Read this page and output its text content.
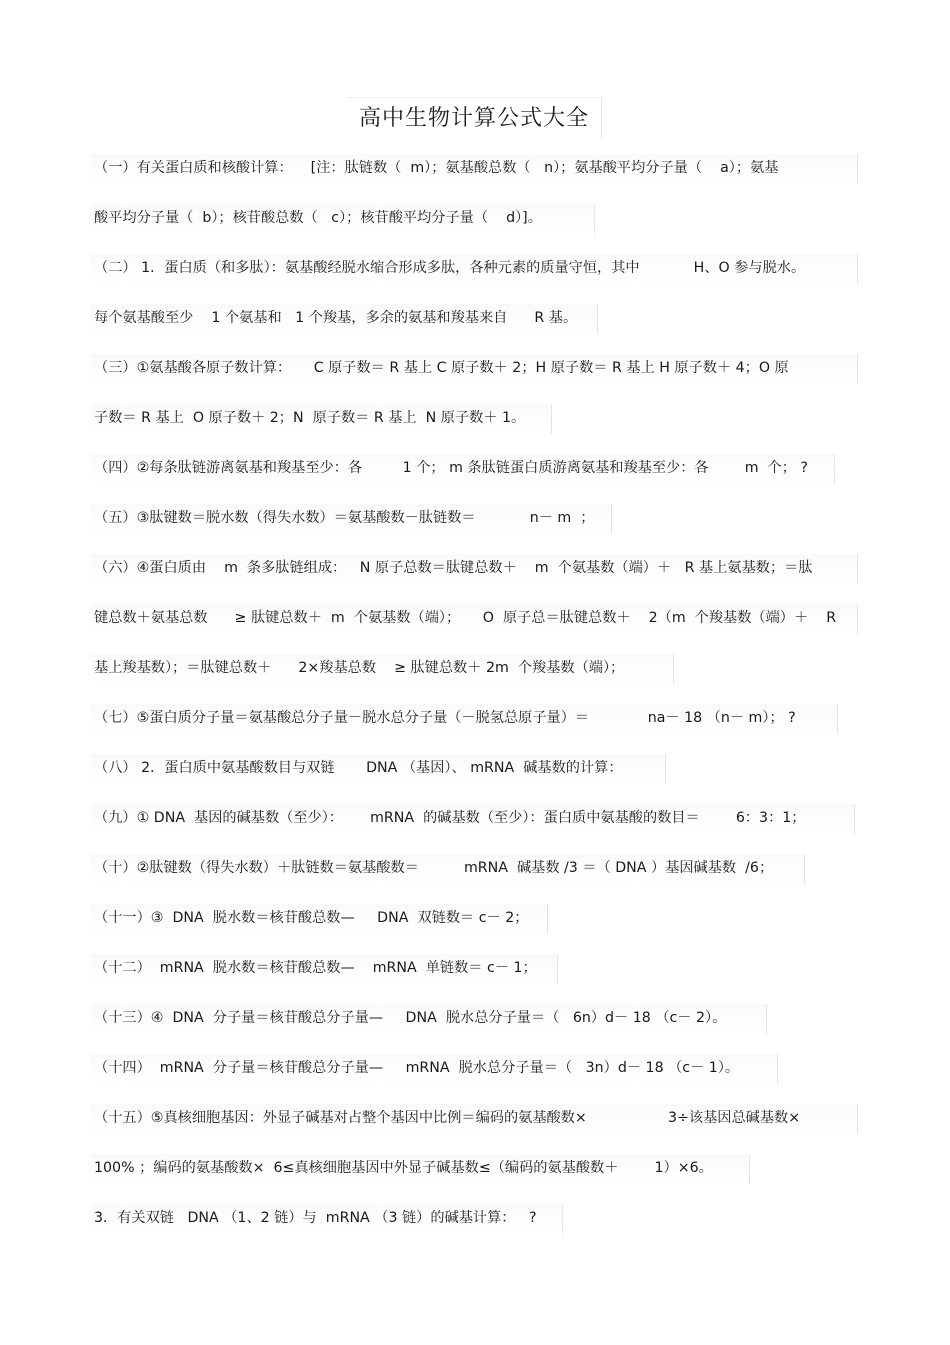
高中生物计算公式大全
（一）有关蛋白质和核酸计算：    [注：肽链数（  m）；氨基酸总数（   n）；氨基酸平均分子量（    a）；氨基
酸平均分子量（  b）；核苷酸总数（   c）；核苷酸平均分子量（    d）]。
（二） 1．蛋白质（和多肽）：氨基酸经脱水缩合形成多肽，各种元素的质量守恒，其中            H、O 参与脱水。
每个氨基酸至少    1 个氨基和   1 个羧基，多余的氨基和羧基来自      R 基。
（三）①氨基酸各原子数计算：     C 原子数＝ R 基上 C 原子数＋ 2；H 原子数＝ R 基上 H 原子数＋ 4；O 原
子数＝ R 基上  O 原子数＋ 2；N  原子数＝ R 基上  N 原子数＋ 1。
（四）②每条肽链游离氨基和羧基至少：各         1 个； m 条肽链蛋白质游离氨基和羧基至少：各        m  个； ?
（五）③肽键数＝脱水数（得失水数）＝氨基酸数－肽链数＝            n－ m  ；
（六）④蛋白质由    m  条多肽链组成：   N 原子总数＝肽键总数＋    m  个氨基数（端）＋   R 基上氨基数；＝肽
键总数＋氨基总数      ≥ 肽键总数＋  m  个氨基数（端）；     O  原子总＝肽键总数＋    2（m  个羧基数（端）＋    R
基上羧基数）；＝肽键总数＋      2×羧基总数    ≥ 肽键总数＋ 2m  个羧基数（端）；
（七）⑤蛋白质分子量＝氨基酸总分子量－脱水总分子量（－脱氢总原子量）＝             na－ 18 （n－ m）； ?
（八） 2．蛋白质中氨基酸数目与双链       DNA （基因）、 mRNA  碱基数的计算：
（九）① DNA  基因的碱基数（至少）：      mRNA  的碱基数（至少）：蛋白质中氨基酸的数目＝        6：3：1；
（十）②肽键数（得失水数）＋肽链数＝氨基酸数＝          mRNA  碱基数 /3 ＝（ DNA ）基因碱基数  /6；
（十一）③  DNA  脱水数＝核苷酸总数—     DNA  双链数＝ c－ 2；
（十二）  mRNA  脱水数＝核苷酸总数—    mRNA  单链数＝ c－ 1；
（十三）④  DNA  分子量＝核苷酸总分子量—     DNA  脱水总分子量＝（   6n）d－ 18 （c－ 2）。
（十四）  mRNA  分子量＝核苷酸总分子量—     mRNA  脱水总分子量＝（   3n）d－ 18 （c－ 1）。
（十五）⑤真核细胞基因：外显子碱基对占整个基因中比例＝编码的氨基酸数×                  3÷该基因总碱基数×
100% ；编码的氨基酸数×  6≤真核细胞基因中外显子碱基数≤（编码的氨基酸数＋        1）×6。
3．有关双链   DNA （1、2 链）与  mRNA （3 链）的碱基计算：   ?
